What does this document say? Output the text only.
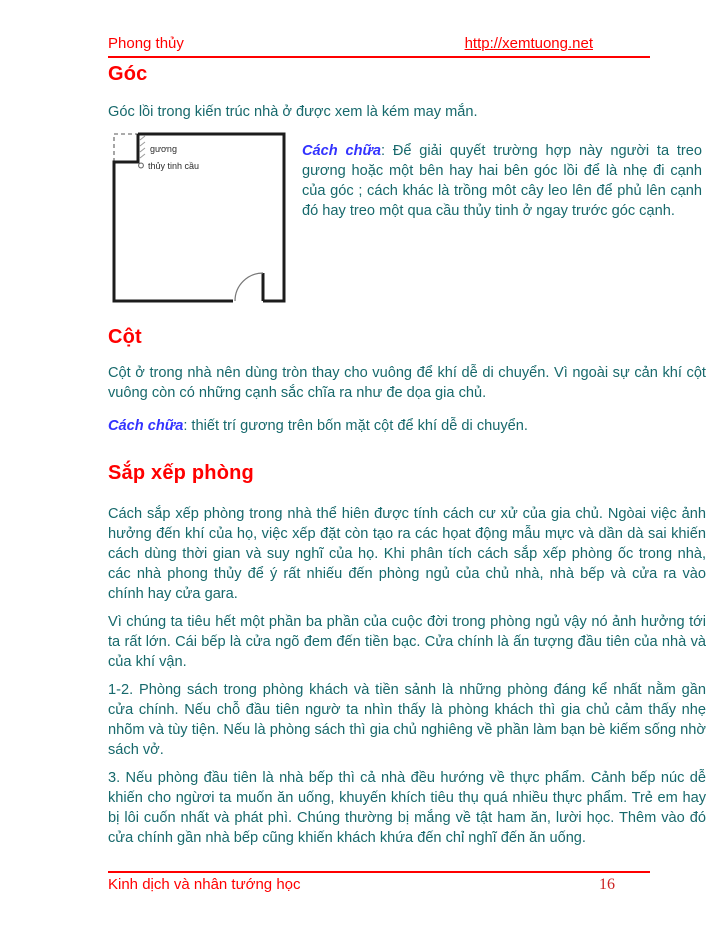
Phong thủy	http://xemtuong.net
Góc

Góc lồi trong kiến trúc nhà ở được xem là kém may mắn.

gương
thủy tinh cầu

Cách chữa: Để giải quyết trường hợp này người ta treo gương hoặc một bên hay hai bên góc lồi để là nhẹ đi cạnh của góc ; cách khác là trồng môt cây leo lên để phủ lên cạnh đó hay treo một qua cầu thủy tinh ở ngay trước góc cạnh.

Cột

Cột ở trong nhà nên dùng tròn thay cho vuông để khí dễ di chuyển. Vì ngoài sự cản khí cột vuông còn có những cạnh sắc chĩa ra như đe dọa gia chủ.

Cách chữa: thiết trí gương trên bốn mặt cột để khí dễ di chuyển.

Sắp xếp phòng

Cách sắp xếp phòng trong nhà thể hiên được tính cách cư xử của gia chủ. Ngòai việc ảnh hưởng đến khí của họ, việc xếp đặt còn tạo ra các họat động mẫu mực và dần dà sai khiến cách dùng thời gian và suy nghĩ của họ. Khi phân tích cách sắp xếp phòng ốc trong nhà, các nhà phong thủy để ý rất nhiếu đến phòng ngủ của chủ nhà, nhà bếp và cửa ra vào chính hay cửa gara.

Vì chúng ta tiêu hết một phần ba phần của cuộc đời trong phòng ngủ vậy nó ảnh hưởng tới ta rất lớn. Cái bếp là cửa ngõ đem đến tiền bạc. Cửa chính là ấn tượng đầu tiên của nhà và của khí vận.

1-2. Phòng sách trong phòng khách và tiền sảnh là những phòng đáng kể nhất nằm gần cửa chính. Nếu chỗ đầu tiên ngườ ta nhìn thấy là phòng khách thì gia chủ cảm thấy nhẹ nhõm và tùy tiện. Nếu là phòng sách thì gia chủ nghiêng về phần làm bạn bè kiếm sống nhờ sách vở.

3. Nếu phòng đầu tiên là nhà bếp thì cả nhà đều hướng về thực phẩm. Cảnh bếp núc dễ khiến cho ngừơi ta muốn ăn uống, khuyến khích tiêu thụ quá nhiều thực phẩm. Trẻ em hay bị lôi cuốn nhất và phát phì. Chúng thường bị mắng về tật ham ăn, lười học. Thêm vào đó cửa chính gần nhà bếp cũng khiến khách khứa đến chỉ nghĩ đến ăn uống.

Kinh dịch và nhân tướng học	16
